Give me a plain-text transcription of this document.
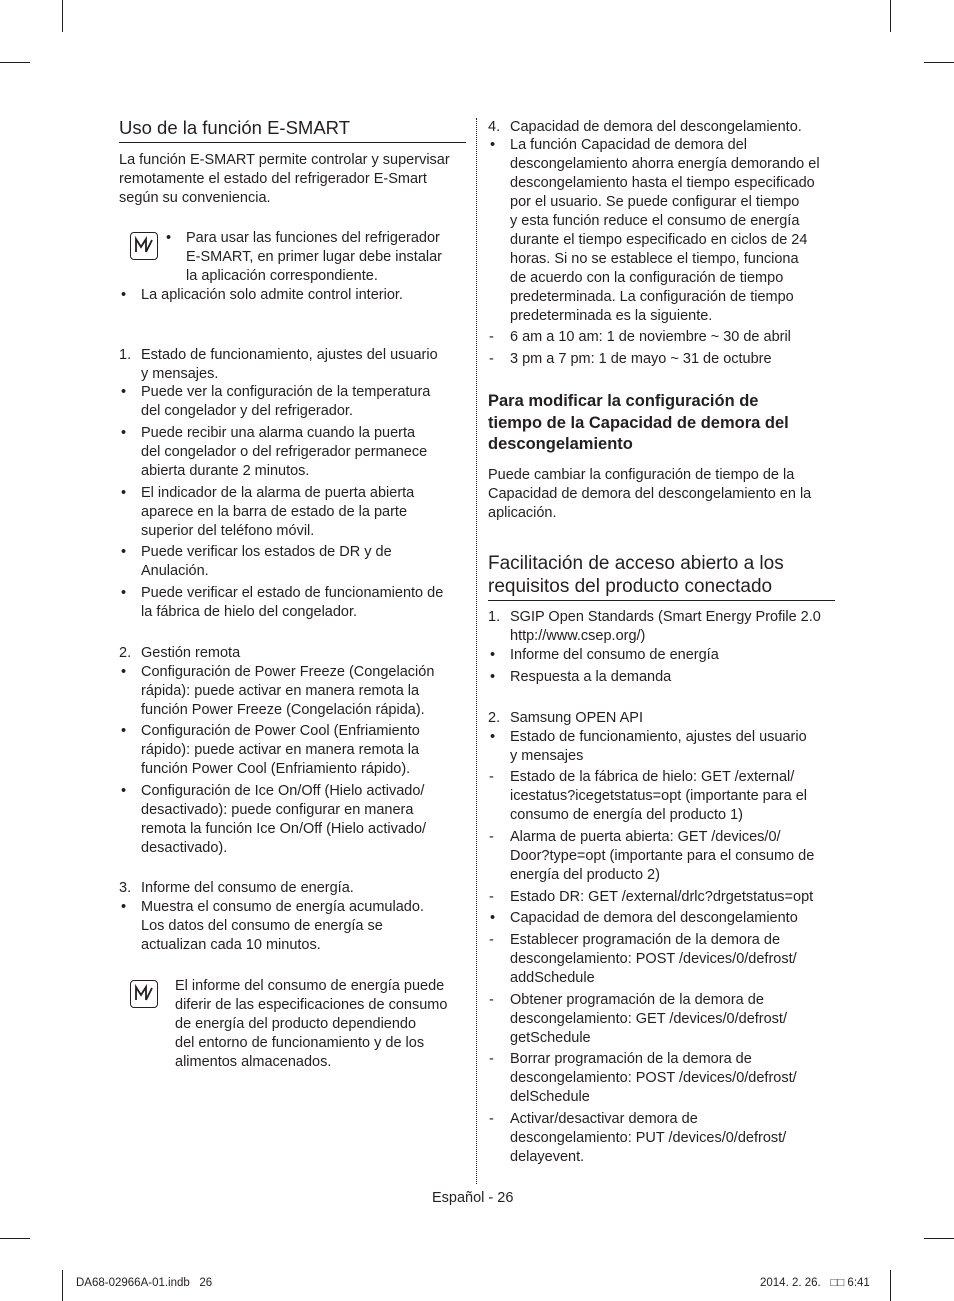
Uso de la función E-SMART
La función E-SMART permite controlar y supervisar
remotamente el estado del refrigerador E-Smart
según su conveniencia.
• Para usar las funciones del refrigerador
E-SMART, en primer lugar debe instalar
la aplicación correspondiente.
• La aplicación solo admite control interior.
1. Estado de funcionamiento, ajustes del usuario
y mensajes.
• Puede ver la configuración de la temperatura
del congelador y del refrigerador.
• Puede recibir una alarma cuando la puerta
del congelador o del refrigerador permanece
abierta durante 2 minutos.
• El indicador de la alarma de puerta abierta
aparece en la barra de estado de la parte
superior del teléfono móvil.
• Puede verificar los estados de DR y de
Anulación.
• Puede verificar el estado de funcionamiento de
la fábrica de hielo del congelador.
2. Gestión remota
• Configuración de Power Freeze (Congelación
rápida): puede activar en manera remota la
función Power Freeze (Congelación rápida).
• Configuración de Power Cool (Enfriamiento
rápido): puede activar en manera remota la
función Power Cool (Enfriamiento rápido).
• Configuración de Ice On/Off (Hielo activado/
desactivado): puede configurar en manera
remota la función Ice On/Off (Hielo activado/
desactivado).
3. Informe del consumo de energía.
• Muestra el consumo de energía acumulado.
Los datos del consumo de energía se
actualizan cada 10 minutos.
El informe del consumo de energía puede
diferir de las especificaciones de consumo
de energía del producto dependiendo
del entorno de funcionamiento y de los
alimentos almacenados.
4. Capacidad de demora del descongelamiento.
• La función Capacidad de demora del
descongelamiento ahorra energía demorando el
descongelamiento hasta el tiempo especificado
por el usuario. Se puede configurar el tiempo
y esta función reduce el consumo de energía
durante el tiempo especificado en ciclos de 24
horas. Si no se establece el tiempo, funciona
de acuerdo con la configuración de tiempo
predeterminada. La configuración de tiempo
predeterminada es la siguiente.
- 6 am a 10 am: 1 de noviembre ~ 30 de abril
- 3 pm a 7 pm: 1 de mayo ~ 31 de octubre
Para modificar la configuración de
tiempo de la Capacidad de demora del
descongelamiento
Puede cambiar la configuración de tiempo de la
Capacidad de demora del descongelamiento en la
aplicación.
Facilitación de acceso abierto a los
requisitos del producto conectado
1. SGIP Open Standards (Smart Energy Profile 2.0
http://www.csep.org/)
• Informe del consumo de energía
• Respuesta a la demanda
2. Samsung OPEN API
• Estado de funcionamiento, ajustes del usuario
y mensajes
- Estado de la fábrica de hielo: GET /external/
icestatus?icegetstatus=opt (importante para el
consumo de energía del producto 1)
- Alarma de puerta abierta: GET /devices/0/
Door?type=opt (importante para el consumo de
energía del producto 2)
- Estado DR: GET /external/drlc?drgetstatus=opt
• Capacidad de demora del descongelamiento
- Establecer programación de la demora de
descongelamiento: POST /devices/0/defrost/
addSchedule
- Obtener programación de la demora de
descongelamiento: GET /devices/0/defrost/
getSchedule
- Borrar programación de la demora de
descongelamiento: POST /devices/0/defrost/
delSchedule
- Activar/desactivar demora de
descongelamiento: PUT /devices/0/defrost/
delayevent.
Español - 26
DA68-02966A-01.indb   26	2014. 2. 26.   □□ 6:41
